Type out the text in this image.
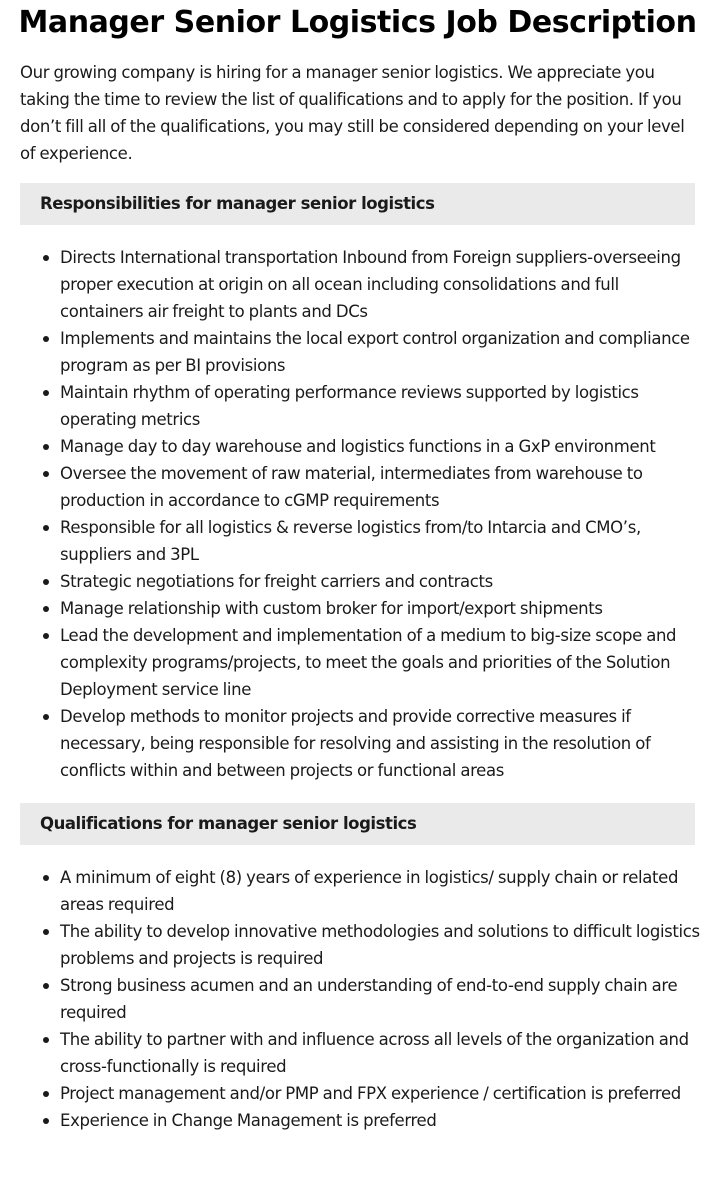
Manager Senior Logistics Job Description

Our growing company is hiring for a manager senior logistics. We appreciate you taking the time to review the list of qualifications and to apply for the position. If you don’t fill all of the qualifications, you may still be considered depending on your level of experience.

Responsibilities for manager senior logistics
Directs International transportation Inbound from Foreign suppliers-overseeing proper execution at origin on all ocean including consolidations and full containers air freight to plants and DCs
Implements and maintains the local export control organization and compliance program as per BI provisions
Maintain rhythm of operating performance reviews supported by logistics operating metrics
Manage day to day warehouse and logistics functions in a GxP environment
Oversee the movement of raw material, intermediates from warehouse to production in accordance to cGMP requirements
Responsible for all logistics & reverse logistics from/to Intarcia and CMO’s, suppliers and 3PL
Strategic negotiations for freight carriers and contracts
Manage relationship with custom broker for import/export shipments
Lead the development and implementation of a medium to big-size scope and complexity programs/projects, to meet the goals and priorities of the Solution Deployment service line
Develop methods to monitor projects and provide corrective measures if necessary, being responsible for resolving and assisting in the resolution of conflicts within and between projects or functional areas
Qualifications for manager senior logistics
A minimum of eight (8) years of experience in logistics/ supply chain or related areas required
The ability to develop innovative methodologies and solutions to difficult logistics problems and projects is required
Strong business acumen and an understanding of end-to-end supply chain are required
The ability to partner with and influence across all levels of the organization and cross-functionally is required
Project management and/or PMP and FPX experience / certification is preferred
Experience in Change Management is preferred
